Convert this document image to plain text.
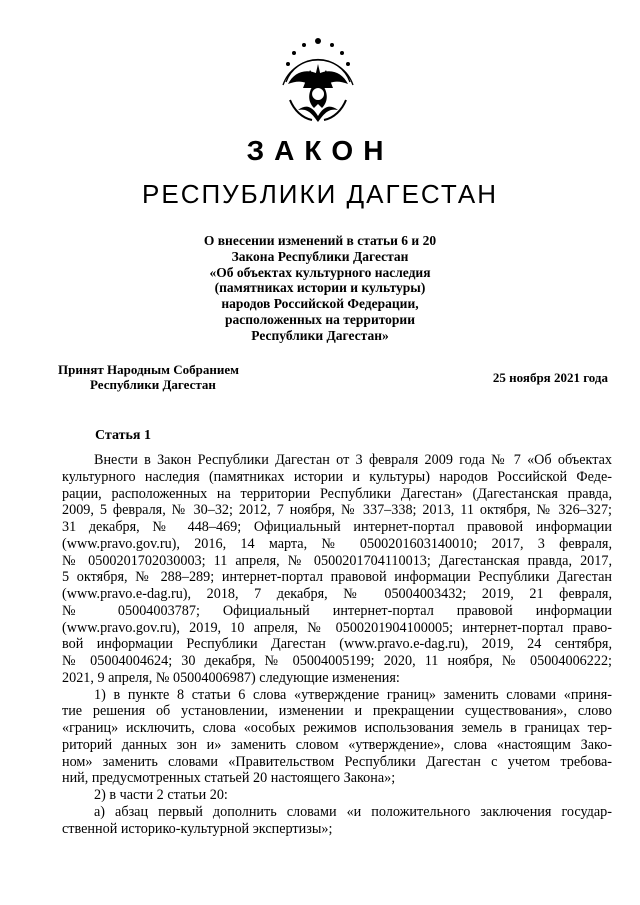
ЗАКОН
РЕСПУБЛИКИ ДАГЕСТАН
О внесении изменений в статьи 6 и 20
Закона Республики Дагестан
«Об объектах культурного наследия
(памятниках истории и культуры)
народов Российской Федерации,
расположенных на территории
Республики Дагестан»
Принят Народным Собранием
Республики Дагестан	25 ноября 2021 года
Статья 1
Внести в Закон Республики Дагестан от 3 февраля 2009 года № 7 «Об объектах
культурного наследия (памятниках истории и культуры) народов Российской Феде-
рации, расположенных на территории Республики Дагестан» (Дагестанская правда,
2009, 5 февраля, № 30–32; 2012, 7 ноября, № 337–338; 2013, 11 октября, № 326–327;
31 декабря, № 448–469; Официальный интернет-портал правовой информации
(www.pravo.gov.ru), 2016, 14 марта, № 0500201603140010; 2017, 3 февраля,
№ 0500201702030003; 11 апреля, № 0500201704110013; Дагестанская правда, 2017,
5 октября, № 288–289; интернет-портал правовой информации Республики Дагестан
(www.pravo.e-dag.ru), 2018, 7 декабря, № 05004003432; 2019, 21 февраля,
№ 05004003787; Официальный интернет-портал правовой информации
(www.pravo.gov.ru), 2019, 10 апреля, № 0500201904100005; интернет-портал право-
вой информации Республики Дагестан (www.pravo.e-dag.ru), 2019, 24 сентября,
№ 05004004624; 30 декабря, № 05004005199; 2020, 11 ноября, № 05004006222;
2021, 9 апреля, № 05004006987) следующие изменения:
1) в пункте 8 статьи 6 слова «утверждение границ» заменить словами «приня-
тие решения об установлении, изменении и прекращении существования», слово
«границ» исключить, слова «особых режимов использования земель в границах тер-
риторий данных зон и» заменить словом «утверждение», слова «настоящим Зако-
ном» заменить словами «Правительством Республики Дагестан с учетом требова-
ний, предусмотренных статьей 20 настоящего Закона»;
2) в части 2 статьи 20:
а) абзац первый дополнить словами «и положительного заключения государ-
ственной историко-культурной экспертизы»;
